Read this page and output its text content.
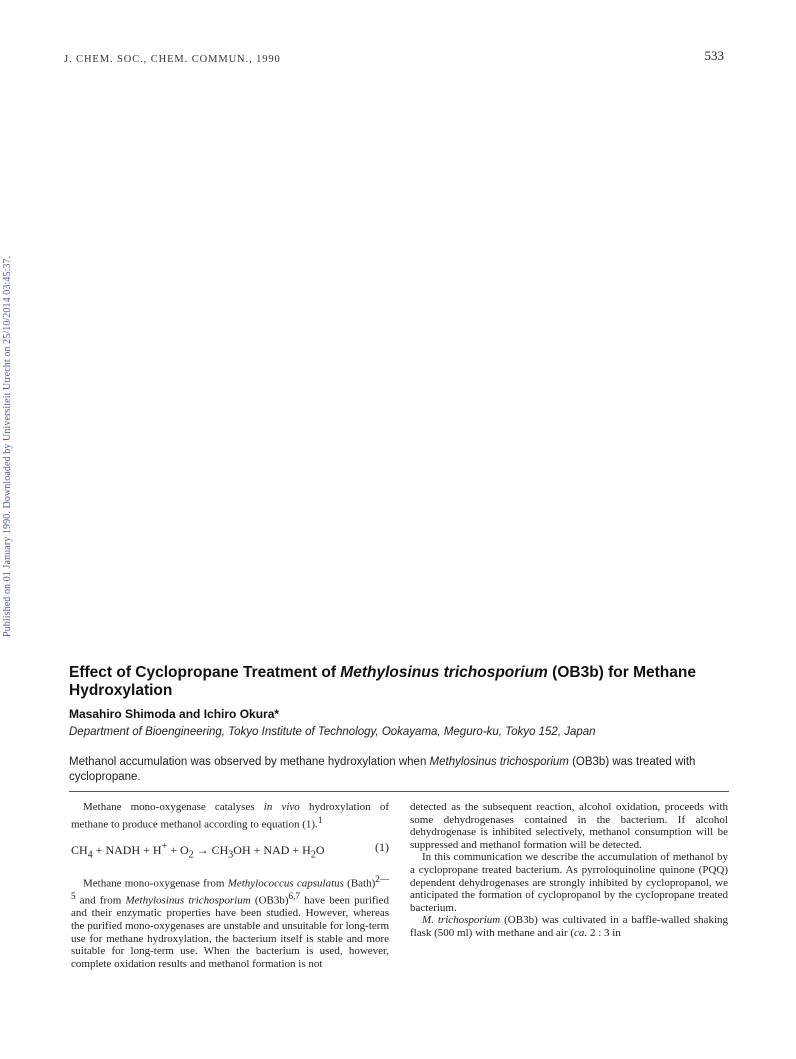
Published on 01 January 1990. Downloaded by Universiteit Utrecht on 25/10/2014 03:45:37.
J. CHEM. SOC., CHEM. COMMUN., 1990	533
Effect of Cyclopropane Treatment of Methylosinus trichosporium (OB3b) for Methane Hydroxylation
Masahiro Shimoda and Ichiro Okura*
Department of Bioengineering, Tokyo Institute of Technology, Ookayama, Meguro-ku, Tokyo 152, Japan
Methanol accumulation was observed by methane hydroxylation when Methylosinus trichosporium (OB3b) was treated with cyclopropane.

Methane mono-oxygenase catalyses in vivo hydroxylation of methane to produce methanol according to equation (1).$^1$

$CH_4$ + NADH + $H^+ + O_2 \to CH_3OH$ + NAD + $H_2O$	(1)

Methane mono-oxygenase from Methylococcus capsulatus (Bath)$^{2—5}$ and from Methylosinus trichosporium $(OB3b)^{6,7}$ have been purified and their enzymatic properties have been studied. However, whereas the purified mono-oxygenases are unstable and unsuitable for long-term use for methane hydroxylation, the bacterium itself is stable and more suitable for long-term use. When the bacterium is used, however, complete oxidation results and methanol formation is not

detected as the subsequent reaction, alcohol oxidation, proceeds with some dehydrogenases contained in the bacterium. If alcohol dehydrogenase is inhibited selectively, methanol consumption will be suppressed and methanol formation will be detected.

In this communication we describe the accumulation of methanol by a cyclopropane treated bacterium. As pyrroloquinoline quinone (PQQ) dependent dehydrogenases are strongly inhibited by cyclopropanol, we anticipated the formation of cyclopropanol by the cyclopropane treated bacterium.

M. trichosporium (OB3b) was cultivated in a baffle-walled shaking flask (500 ml) with methane and air (ca. 2 : 3 in
